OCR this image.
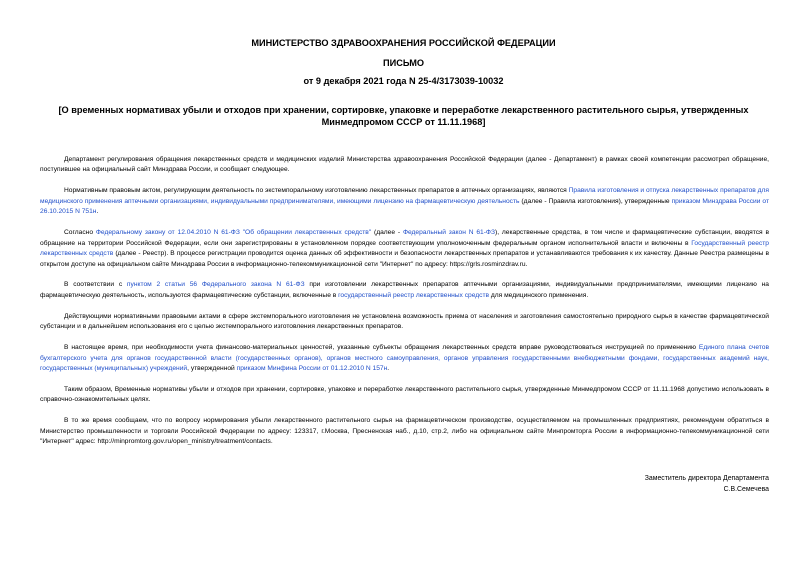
МИНИСТЕРСТВО ЗДРАВООХРАНЕНИЯ РОССИЙСКОЙ ФЕДЕРАЦИИ
ПИСЬМО
от 9 декабря 2021 года N 25-4/3173039-10032
[О временных нормативах убыли и отходов при хранении, сортировке, упаковке и переработке лекарственного растительного сырья, утвержденных Минмедпромом СССР от 11.11.1968]

Департамент регулирования обращения лекарственных средств и медицинских изделий Министерства здравоохранения Российской Федерации (далее - Департамент) в рамках своей компетенции рассмотрел обращение, поступившее на официальный сайт Минздрава России, и сообщает следующее.

Нормативным правовым актом, регулирующим деятельность по экстемпоральному изготовлению лекарственных препаратов в аптечных организациях, являются Правила изготовления и отпуска лекарственных препаратов для медицинского применения аптечными организациями, индивидуальными предпринимателями, имеющими лицензию на фармацевтическую деятельность (далее - Правила изготовления), утвержденные приказом Минздрава России от 26.10.2015 N 751н.

Согласно Федеральному закону от 12.04.2010 N 61-ФЗ "Об обращении лекарственных средств" (далее - Федеральный закон N 61-ФЗ), лекарственные средства, в том числе и фармацевтические субстанции, вводятся в обращение на территории Российской Федерации, если они зарегистрированы в установленном порядке соответствующим уполномоченным федеральным органом исполнительной власти и включены в Государственный реестр лекарственных средств (далее - Реестр). В процессе регистрации проводится оценка данных об эффективности и безопасности лекарственных препаратов и устанавливаются требования к их качеству. Данные Реестра размещены в открытом доступе на официальном сайте Минздрава России в информационно-телекоммуникационной сети "Интернет" по адресу: https://grls.rosminzdrav.ru.

В соответствии с пунктом 2 статьи 56 Федерального закона N 61-ФЗ при изготовлении лекарственных препаратов аптечными организациями, индивидуальными предпринимателями, имеющими лицензию на фармацевтическую деятельность, используются фармацевтические субстанции, включенные в государственный реестр лекарственных средств для медицинского применения.

Действующими нормативными правовыми актами в сфере экстемпорального изготовления не установлена возможность приема от населения и заготовления самостоятельно природного сырья в качестве фармацевтической субстанции и в дальнейшем использования его с целью экстемпорального изготовления лекарственных препаратов.

В настоящее время, при необходимости учета финансово-материальных ценностей, указанные субъекты обращения лекарственных средств вправе руководствоваться инструкцией по применению Единого плана счетов бухгалтерского учета для органов государственной власти (государственных органов), органов местного самоуправления, органов управления государственными внебюджетными фондами, государственных академий наук, государственных (муниципальных) учреждений, утвержденной приказом Минфина России от 01.12.2010 N 157н.

Таким образом, Временные нормативы убыли и отходов при хранении, сортировке, упаковке и переработке лекарственного растительного сырья, утвержденные Минмедпромом СССР от 11.11.1968 допустимо использовать в справочно-ознакомительных целях.

В то же время сообщаем, что по вопросу нормирования убыли лекарственного растительного сырья на фармацевтическом производстве, осуществляемом на промышленных предприятиях, рекомендуем обратиться в Министерство промышленности и торговли Российской Федерации по адресу: 123317, г.Москва, Пресненская наб., д.10, стр.2, либо на официальном сайте Минпромторга России в информационно-телекоммуникационной сети "Интернет" адрес: http://minpromtorg.gov.ru/open_ministry/treatment/contacts.

Заместитель директора Департамента
С.В.Семечева
